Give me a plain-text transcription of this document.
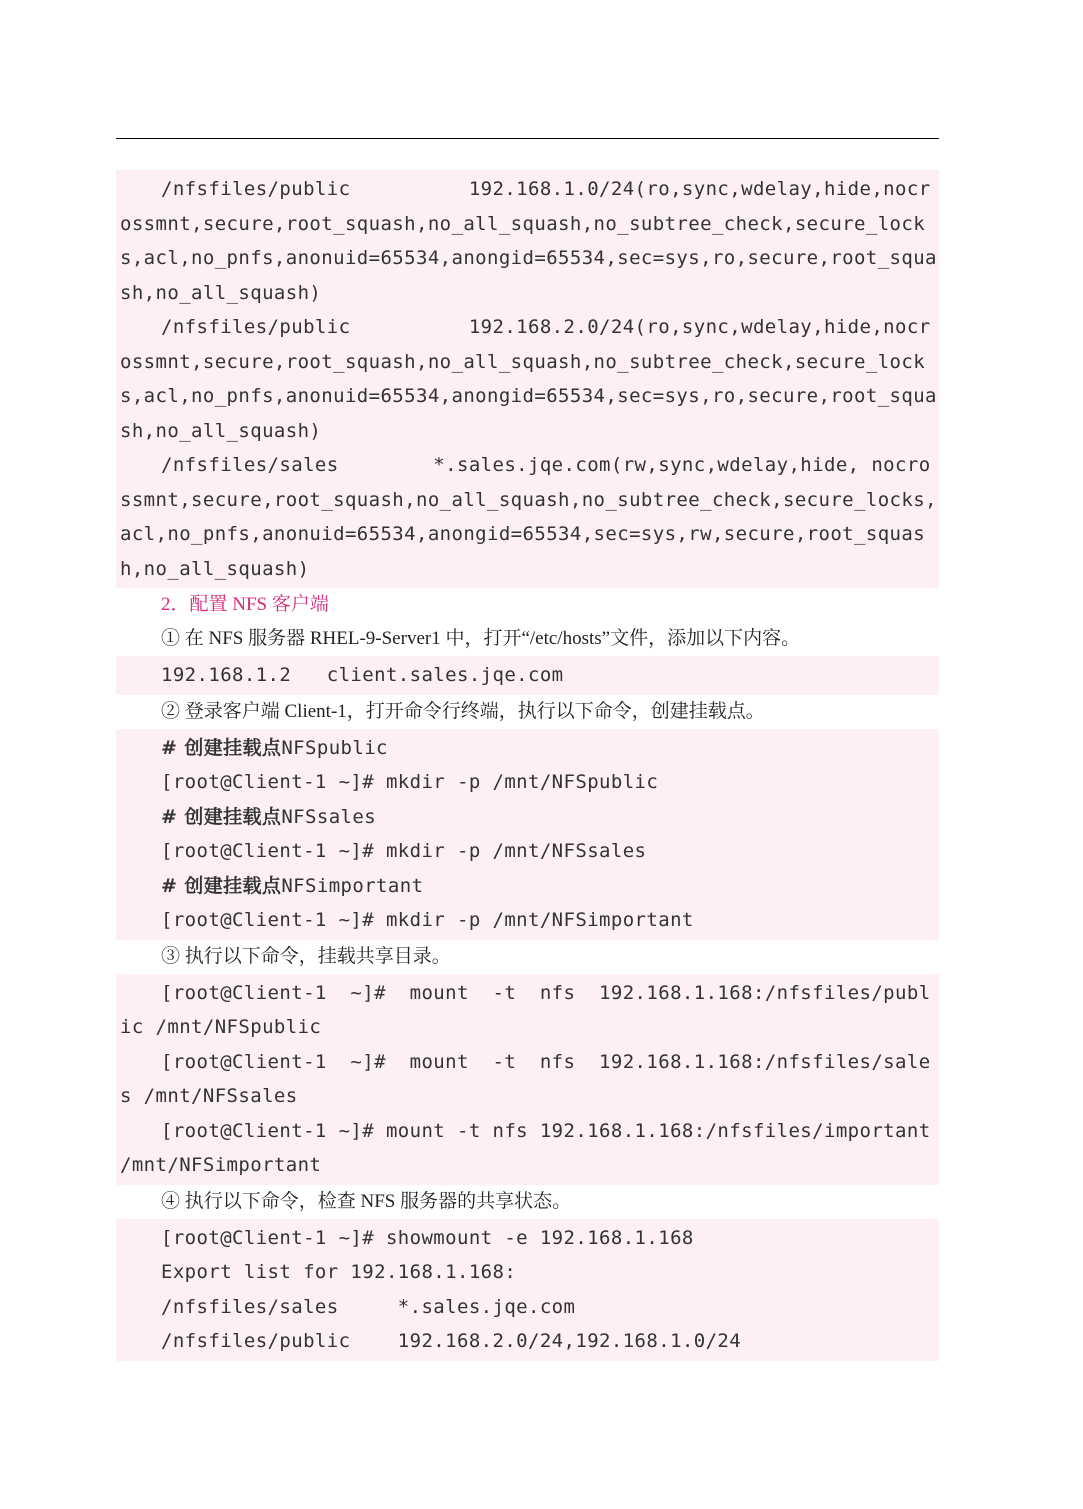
/nfsfiles/public          192.168.1.0/24(ro,sync,wdelay,hide,nocrossmnt,secure,root_squash,no_all_squash,no_subtree_check,secure_locks,acl,no_pnfs,anonuid=65534,anongid=65534,sec=sys,ro,secure,root_squash,no_all_squash)
/nfsfiles/public          192.168.2.0/24(ro,sync,wdelay,hide,nocrossmnt,secure,root_squash,no_all_squash,no_subtree_check,secure_locks,acl,no_pnfs,anonuid=65534,anongid=65534,sec=sys,ro,secure,root_squash,no_all_squash)
/nfsfiles/sales        *.sales.jqe.com(rw,sync,wdelay,hide, nocrossmnt,secure,root_squash,no_all_squash,no_subtree_check,secure_locks,acl,no_pnfs,anonuid=65534,anongid=65534,sec=sys,rw,secure,root_squash,no_all_squash)
2．配置 NFS 客户端
① 在 NFS 服务器 RHEL-9-Server1 中，打开“/etc/hosts”文件，添加以下内容。
192.168.1.2   client.sales.jqe.com
② 登录客户端 Client-1，打开命令行终端，执行以下命令，创建挂载点。
# 创建挂载点NFSpublic
[root@Client-1 ~]# mkdir -p /mnt/NFSpublic
# 创建挂载点NFSsales
[root@Client-1 ~]# mkdir -p /mnt/NFSsales
# 创建挂载点NFSimportant
[root@Client-1 ~]# mkdir -p /mnt/NFSimportant
③ 执行以下命令，挂载共享目录。
[root@Client-1  ~]#  mount  -t  nfs  192.168.1.168:/nfsfiles/public /mnt/NFSpublic
[root@Client-1  ~]#  mount  -t  nfs  192.168.1.168:/nfsfiles/sales /mnt/NFSsales
[root@Client-1 ~]# mount -t nfs 192.168.1.168:/nfsfiles/important /mnt/NFSimportant
④ 执行以下命令，检查 NFS 服务器的共享状态。
[root@Client-1 ~]# showmount -e 192.168.1.168
Export list for 192.168.1.168:
/nfsfiles/sales     *.sales.jqe.com
/nfsfiles/public    192.168.2.0/24,192.168.1.0/24
